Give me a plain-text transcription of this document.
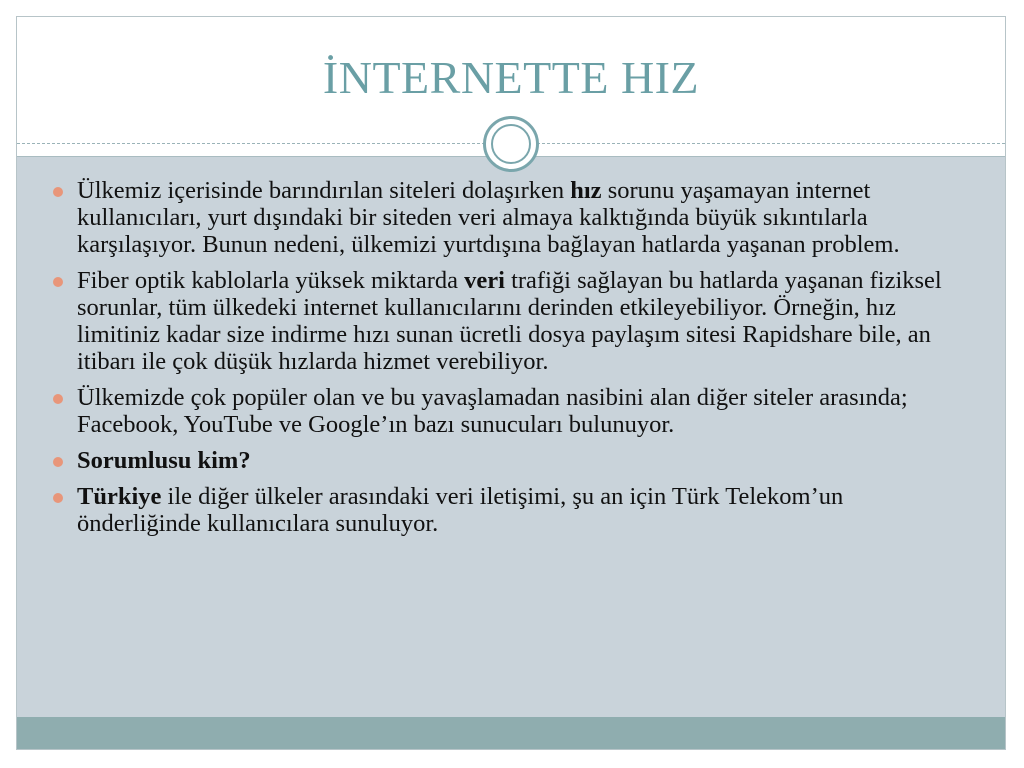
İNTERNETTE HIZ
Ülkemiz içerisinde barındırılan siteleri dolaşırken hız sorunu yaşamayan internet kullanıcıları, yurt dışındaki bir siteden veri almaya kalktığında büyük sıkıntılarla karşılaşıyor. Bunun nedeni, ülkemizi yurtdışına bağlayan hatlarda yaşanan problem.
Fiber optik kablolarla yüksek miktarda veri trafiği sağlayan bu hatlarda yaşanan fiziksel sorunlar, tüm ülkedeki internet kullanıcılarını derinden etkileyebiliyor. Örneğin, hız limitiniz kadar size indirme hızı sunan ücretli dosya paylaşım sitesi Rapidshare bile, an itibarı ile çok düşük hızlarda hizmet verebiliyor.
Ülkemizde çok popüler olan ve bu yavaşlamadan nasibini alan diğer siteler arasında; Facebook, YouTube ve Google’ın bazı sunucuları bulunuyor.
Sorumlusu kim?
Türkiye ile diğer ülkeler arasındaki veri iletişimi, şu an için Türk Telekom’un önderliğinde kullanıcılara sunuluyor.
